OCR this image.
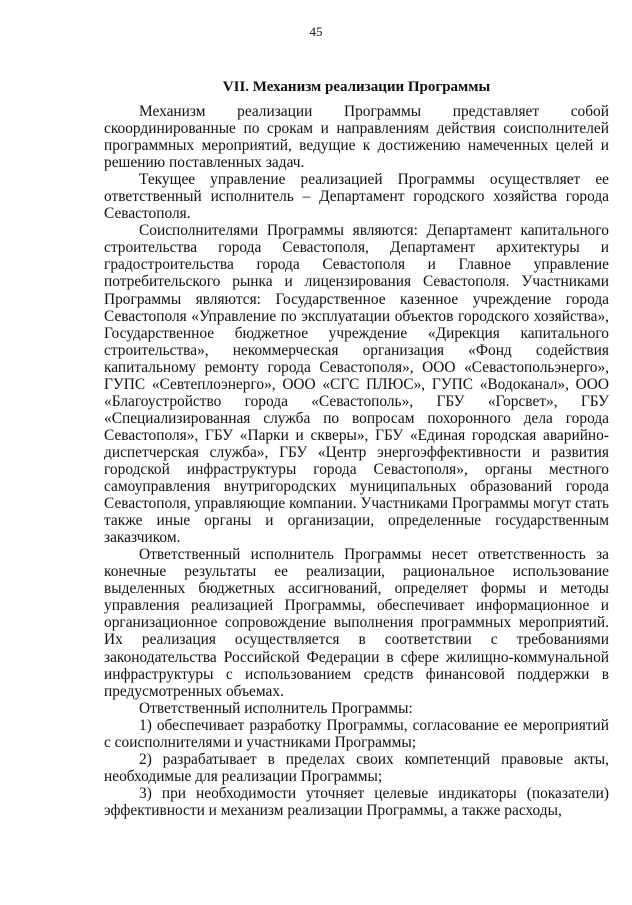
45
VII. Механизм реализации Программы

Механизм реализации Программы представляет собой скоординированные по срокам и направлениям действия соисполнителей программных мероприятий, ведущие к достижению намеченных целей и решению поставленных задач.

Текущее управление реализацией Программы осуществляет ее ответственный исполнитель – Департамент городского хозяйства города Севастополя.

Соисполнителями Программы являются: Департамент капитального строительства города Севастополя, Департамент архитектуры и градостроительства города Севастополя и Главное управление потребительского рынка и лицензирования Севастополя. Участниками Программы являются: Государственное казенное учреждение города Севастополя «Управление по эксплуатации объектов городского хозяйства», Государственное бюджетное учреждение «Дирекция капитального строительства», некоммерческая организация «Фонд содействия капитальному ремонту города Севастополя», ООО «Севастопольэнерго», ГУПС «Севтеплоэнерго», ООО «СГС ПЛЮС», ГУПС «Водоканал», ООО «Благоустройство города «Севастополь», ГБУ «Горсвет», ГБУ «Специализированная служба по вопросам похоронного дела города Севастополя», ГБУ «Парки и скверы», ГБУ «Единая городская аварийно-диспетчерская служба», ГБУ «Центр энергоэффективности и развития городской инфраструктуры города Севастополя», органы местного самоуправления внутригородских муниципальных образований города Севастополя, управляющие компании. Участниками Программы могут стать также иные органы и организации, определенные государственным заказчиком.

Ответственный исполнитель Программы несет ответственность за конечные результаты ее реализации, рациональное использование выделенных бюджетных ассигнований, определяет формы и методы управления реализацией Программы, обеспечивает информационное и организационное сопровождение выполнения программных мероприятий. Их реализация осуществляется в соответствии с требованиями законодательства Российской Федерации в сфере жилищно-коммунальной инфраструктуры с использованием средств финансовой поддержки в предусмотренных объемах.

Ответственный исполнитель Программы:

1) обеспечивает разработку Программы, согласование ее мероприятий с соисполнителями и участниками Программы;

2) разрабатывает в пределах своих компетенций правовые акты, необходимые для реализации Программы;

3) при необходимости уточняет целевые индикаторы (показатели) эффективности и механизм реализации Программы, а также расходы,
